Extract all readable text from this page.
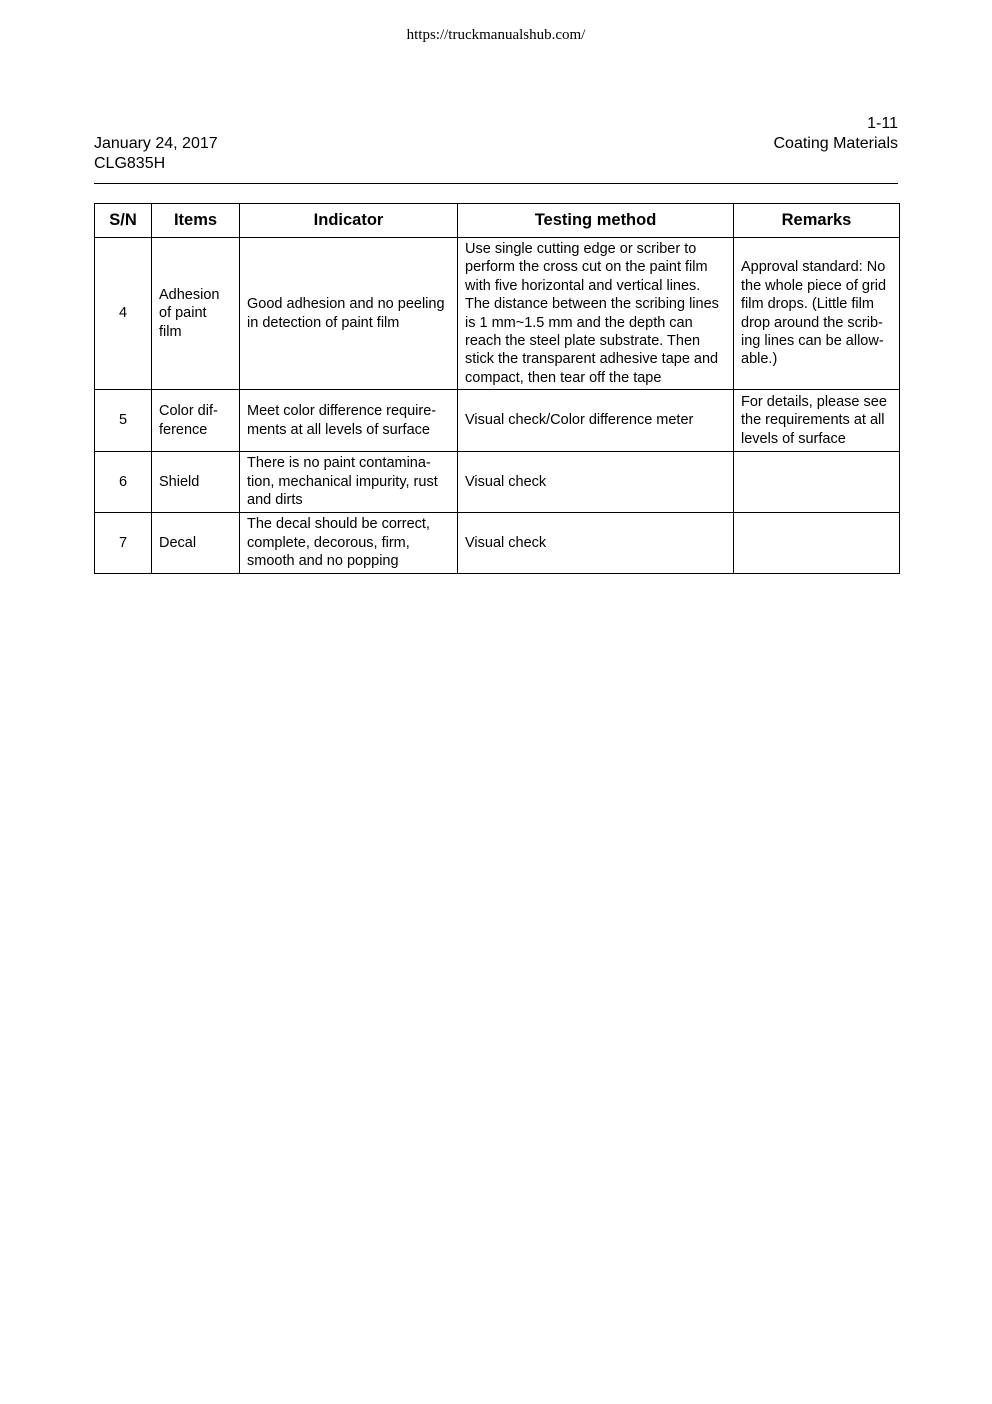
https://truckmanualshub.com/
January 24, 2017
CLG835H
1-11
Coating Materials
S/N	Items	Indicator	Testing method	Remarks
4	Adhesion of paint film	Good adhesion and no peeling in detection of paint film	Use single cutting edge or scriber to perform the cross cut on the paint film with five horizontal and vertical lines. The distance between the scribing lines is 1 mm~1.5 mm and the depth can reach the steel plate substrate. Then stick the transparent adhesive tape and compact, then tear off the tape	Approval standard: No the whole piece of grid film drops. (Little film drop around the scrib-ing lines can be allow-able.)
5	Color dif-ference	Meet color difference require-ments at all levels of surface	Visual check/Color difference meter	For details, please see the requirements at all levels of surface
6	Shield	There is no paint contamina-tion, mechanical impurity, rust and dirts	Visual check	
7	Decal	The decal should be correct, complete, decorous, firm, smooth and no popping	Visual check	
